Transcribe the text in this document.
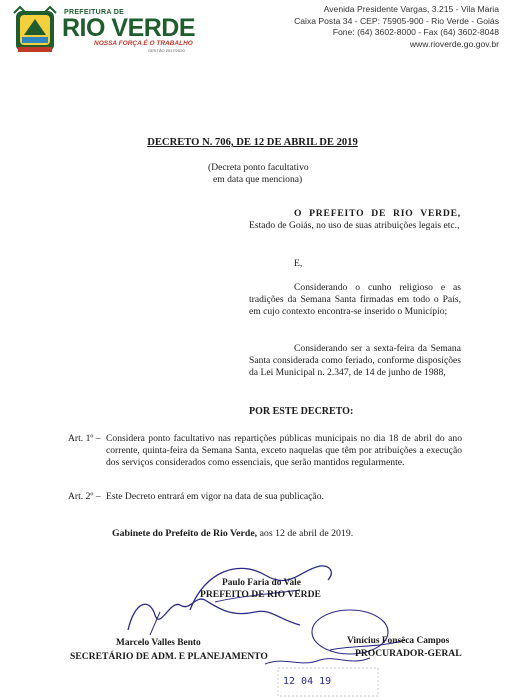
PREFEITURA DE
RIO VERDE
NOSSA FORÇA É O TRABALHO
GESTÃO 2017/2020
Avenida Presidente Vargas, 3.215 - Vila Maria
Caixa Posta 34 - CEP: 75905-900 - Rio Verde - Goiás
Fone: (64) 3602-8000 - Fax (64) 3602-8048
www.rioverde.go.gov.br
DECRETO N. 706, DE 12 DE ABRIL DE 2019
(Decreta ponto facultativo
em data que menciona)
O PREFEITO DE RIO VERDE, Estado de Goiás, no uso de suas atribuições legais etc.,
E,
Considerando o cunho religioso e as tradições da Semana Santa firmadas em todo o País, em cujo contexto encontra-se inserido o Município;
Considerando ser a sexta-feira da Semana Santa considerada como feriado, conforme disposições da Lei Municipal n. 2.347, de 14 de junho de 1988,
POR ESTE DECRETO:
Art. 1º – Considera ponto facultativo nas repartições públicas municipais no dia 18 de abril do ano corrente, quinta-feira da Semana Santa, exceto naquelas que têm por atribuições a execução dos serviços considerados como essenciais, que serão mantidos regularmente.
Art. 2º – Este Decreto entrará em vigor na data de sua publicação.
Gabinete do Prefeito de Rio Verde, aos 12 de abril de 2019.
12 04 19
Paulo Faria do Vale
PREFEITO DE RIO VERDE
Marcelo Valles Bento
SECRETÁRIO DE ADM. E PLANEJAMENTO
Vinícius Fonsêca Campos
PROCURADOR-GERAL
